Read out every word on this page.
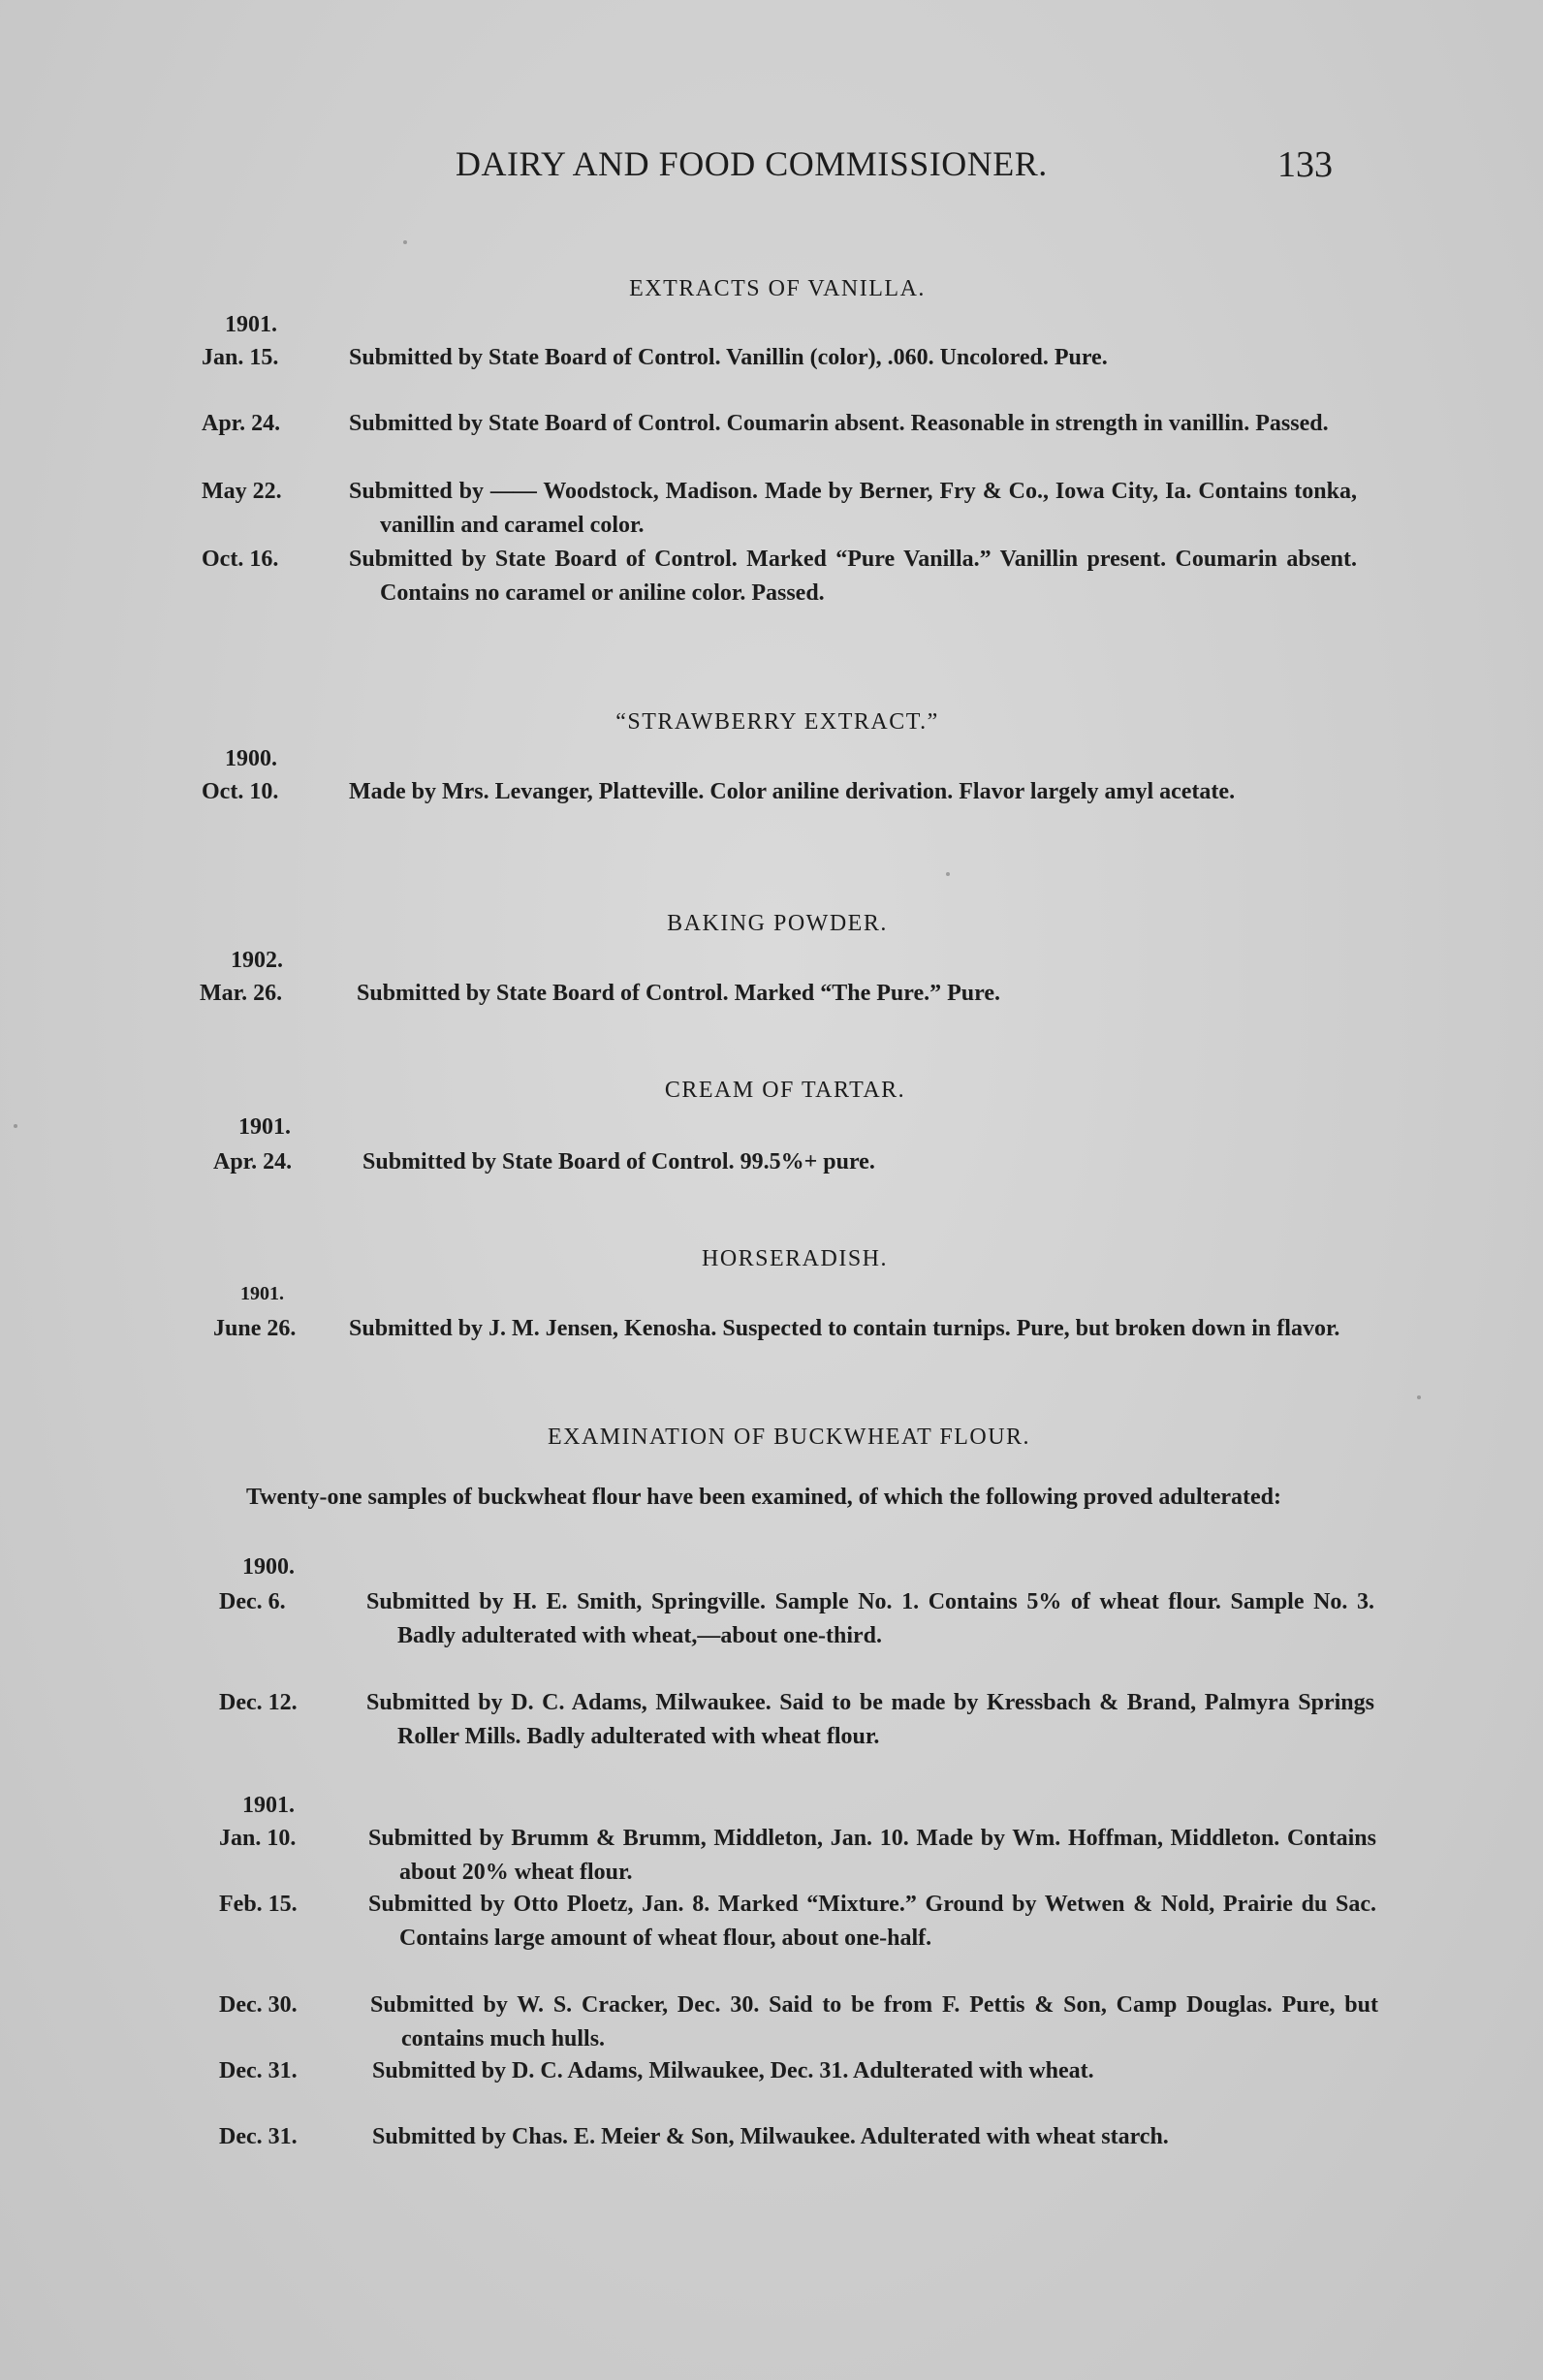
DAIRY AND FOOD COMMISSIONER.	133
EXTRACTS OF VANILLA.
1901.
Jan. 15.	Submitted by State Board of Control. Vanillin (color), .060. Uncolored. Pure.
Apr. 24.	Submitted by State Board of Control. Coumarin absent. Reasonable in strength in vanillin. Passed.
May 22.	Submitted by —— Woodstock, Madison. Made by Berner, Fry & Co., Iowa City, Ia. Contains tonka, vanillin and caramel color.
Oct. 16.	Submitted by State Board of Control. Marked “Pure Vanilla.” Vanillin present. Coumarin absent. Contains no caramel or aniline color. Passed.
“STRAWBERRY EXTRACT.”
1900.
Oct. 10.	Made by Mrs. Levanger, Platteville. Color aniline derivation. Flavor largely amyl acetate.
BAKING POWDER.
1902.
Mar. 26.	Submitted by State Board of Control. Marked “The Pure.” Pure.
CREAM OF TARTAR.
1901.
Apr. 24.	Submitted by State Board of Control. 99.5%+ pure.
HORSERADISH.
1901.
June 26. Submitted by J. M. Jensen, Kenosha. Suspected to contain turnips. Pure, but broken down in flavor.
EXAMINATION OF BUCKWHEAT FLOUR.
Twenty-one samples of buckwheat flour have been examined, of which the following proved adulterated:
1900.
Dec. 6.	Submitted by H. E. Smith, Springville. Sample No. 1. Contains 5% of wheat flour. Sample No. 3. Badly adulterated with wheat,—about one-third.
Dec. 12.	Submitted by D. C. Adams, Milwaukee. Said to be made by Kressbach & Brand, Palmyra Springs Roller Mills. Badly adulterated with wheat flour.
1901.
Jan. 10.	Submitted by Brumm & Brumm, Middleton, Jan. 10. Made by Wm. Hoffman, Middleton. Contains about 20% wheat flour.
Feb. 15.	Submitted by Otto Ploetz, Jan. 8. Marked “Mixture.” Ground by Wetwen & Nold, Prairie du Sac. Contains large amount of wheat flour, about one-half.
Dec. 30.	Submitted by W. S. Cracker, Dec. 30. Said to be from F. Pettis & Son, Camp Douglas. Pure, but contains much hulls.
Dec. 31.	Submitted by D. C. Adams, Milwaukee, Dec. 31. Adulterated with wheat.
Dec. 31.	Submitted by Chas. E. Meier & Son, Milwaukee. Adulterated with wheat starch.
